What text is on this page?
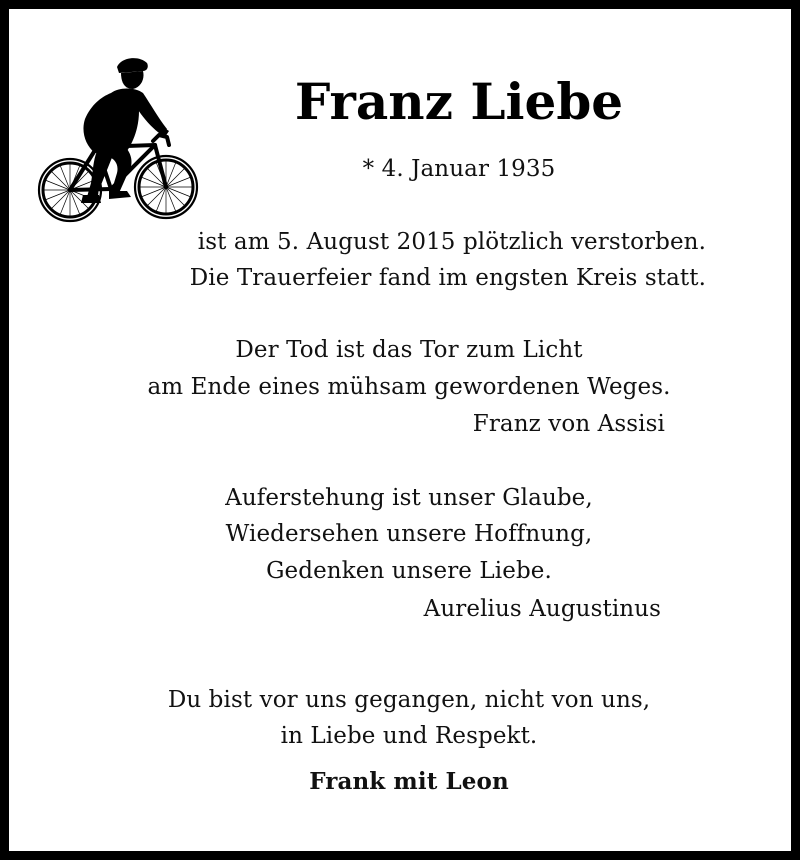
Franz Liebe
* 4. Januar 1935
ist am 5. August 2015 plötzlich verstorben.
Die Trauerfeier fand im engsten Kreis statt.
Der Tod ist das Tor zum Licht
am Ende eines mühsam gewordenen Weges.
Franz von Assisi
Auferstehung ist unser Glaube,
Wiedersehen unsere Hoffnung,
Gedenken unsere Liebe.
Aurelius Augustinus
Du bist vor uns gegangen, nicht von uns,
in Liebe und Respekt.
Frank mit Leon
